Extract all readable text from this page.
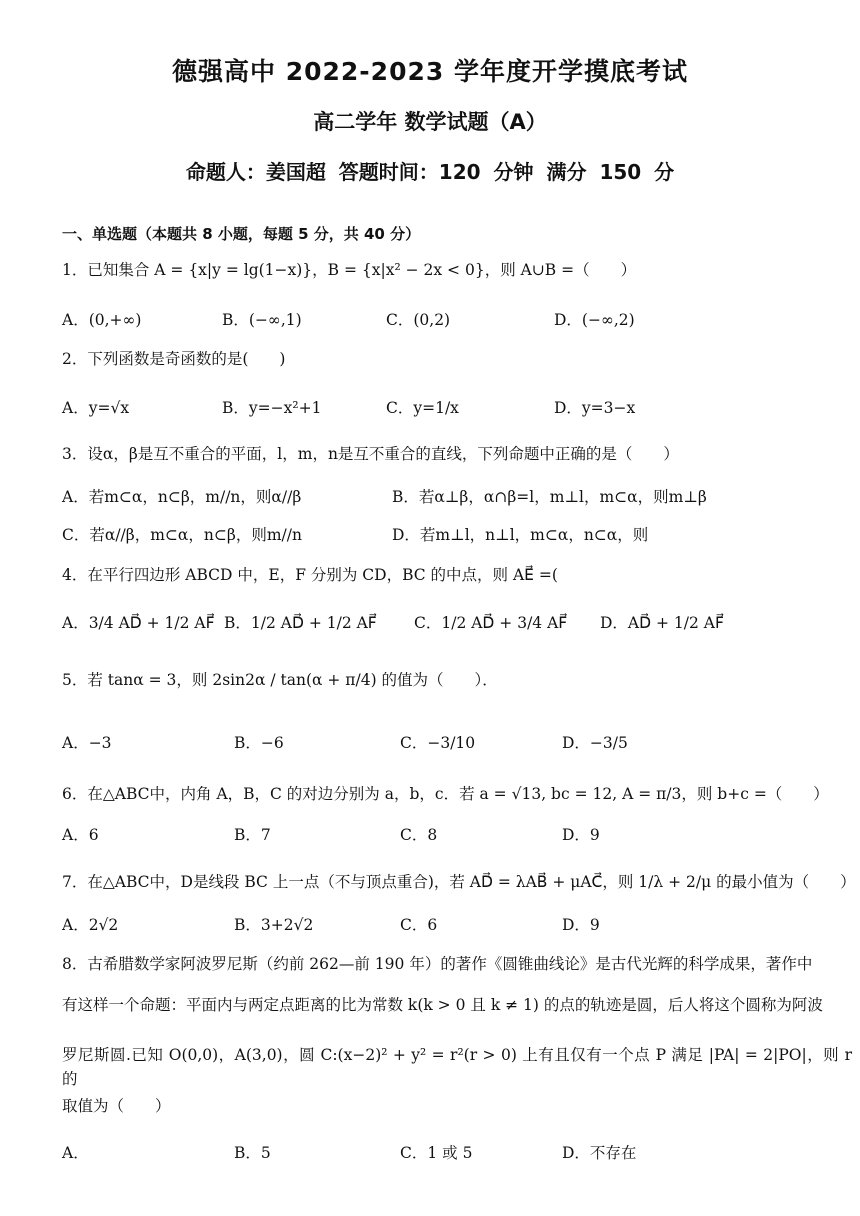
德强高中 2022-2023 学年度开学摸底考试
高二学年 数学试题（A）
命题人：姜国超 答题时间：120 分钟 满分 150 分
一、单选题（本题共 8 小题，每题 5 分，共 40 分）
1．已知集合 A = {x|y = lg(1−x)}，B = {x|x² − 2x < 0}，则 A∪B =（　　）
A．(0,+∞)	B．(−∞,1)	C．(0,2)	D．(−∞,2)
2．下列函数是奇函数的是(　　)
A．y=√x	B．y=−x²+1	C．y=1/x	D．y=3−x
3．设α，β是互不重合的平面，l，m，n是互不重合的直线，下列命题中正确的是（　　）
A．若m⊂α，n⊂β，m//n，则α//β	B．若α⊥β，α∩β=l，m⊥l，m⊂α，则m⊥β
C．若α//β，m⊂α，n⊂β，则m//n	D．若m⊥l，n⊥l，m⊂α，n⊂α，则
4．在平行四边形 ABCD 中，E，F 分别为 CD，BC 的中点，则 AE⃗ =(
A．3/4 AD⃗ + 1/2 AF⃗ B．1/2 AD⃗ + 1/2 AF⃗ C．1/2 AD⃗ + 3/4 AF⃗ D．AD⃗ + 1/2 AF⃗
5．若 tanα = 3，则 2sin2α / tan(α + π/4) 的值为（　　）．
A．−3	B．−6	C．−3/10	D．−3/5
6．在△ABC中，内角 A，B，C 的对边分别为 a，b，c．若 a = √13, bc = 12, A = π/3，则 b+c =（　　）
A．6	B．7	C．8	D．9
7．在△ABC中，D是线段 BC 上一点（不与顶点重合)，若 AD⃗ = λAB⃗ + μAC⃗，则 1/λ + 2/μ 的最小值为（　　）
A．2√2	B．3+2√2	C．6	D．9
8．古希腊数学家阿波罗尼斯（约前 262—前 190 年）的著作《圆锥曲线论》是古代光辉的科学成果，著作中
有这样一个命题：平面内与两定点距离的比为常数 k(k > 0 且 k ≠ 1) 的点的轨迹是圆，后人将这个圆称为阿波
罗尼斯圆.已知 O(0,0)，A(3,0)，圆 C:(x−2)² + y² = r²(r > 0) 上有且仅有一个点 P 满足 |PA| = 2|PO|，则 r 的
取值为（　　）
A．	B．5	C．1 或 5	D．不存在
